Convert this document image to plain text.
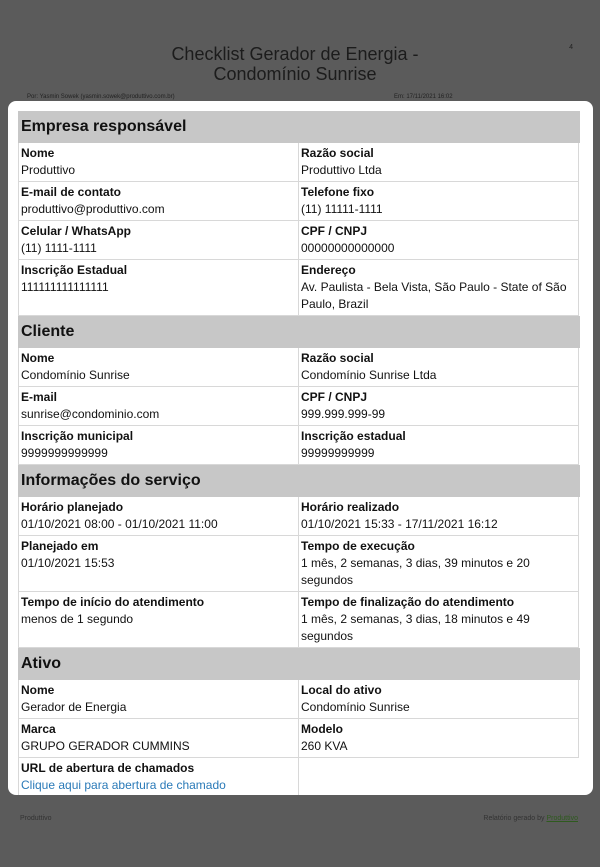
Checklist Gerador de Energia -
Condomínio Sunrise
4
Por: Yasmin Sowek (yasmin.sowek@produttivo.com.br)	Em: 17/11/2021 16:02
Produttivo	Relatório gerado by Produttivo
Empresa responsável
Nome
Produttivo
Razão social
Produttivo Ltda
E-mail de contato
produttivo@produttivo.com
Telefone fixo
(11) 11111-1111
Celular / WhatsApp
(11) 1111-1111
CPF / CNPJ
00000000000000
Inscrição Estadual
111111111111111
Endereço
Av. Paulista - Bela Vista, São Paulo - State of São Paulo, Brazil
Cliente
Nome
Condomínio Sunrise
Razão social
Condomínio Sunrise Ltda
E-mail
sunrise@condominio.com
CPF / CNPJ
999.999.999-99
Inscrição municipal
9999999999999
Inscrição estadual
99999999999
Informações do serviço
Horário planejado
01/10/2021 08:00 - 01/10/2021 11:00
Horário realizado
01/10/2021 15:33 - 17/11/2021 16:12
Planejado em
01/10/2021 15:53
Tempo de execução
1 mês, 2 semanas, 3 dias, 39 minutos e 20 segundos
Tempo de início do atendimento
menos de 1 segundo
Tempo de finalização do atendimento
1 mês, 2 semanas, 3 dias, 18 minutos e 49 segundos
Ativo
Nome
Gerador de Energia
Local do ativo
Condomínio Sunrise
Marca
GRUPO GERADOR CUMMINS
Modelo
260 KVA
URL de abertura de chamados
Clique aqui para abertura de chamado
